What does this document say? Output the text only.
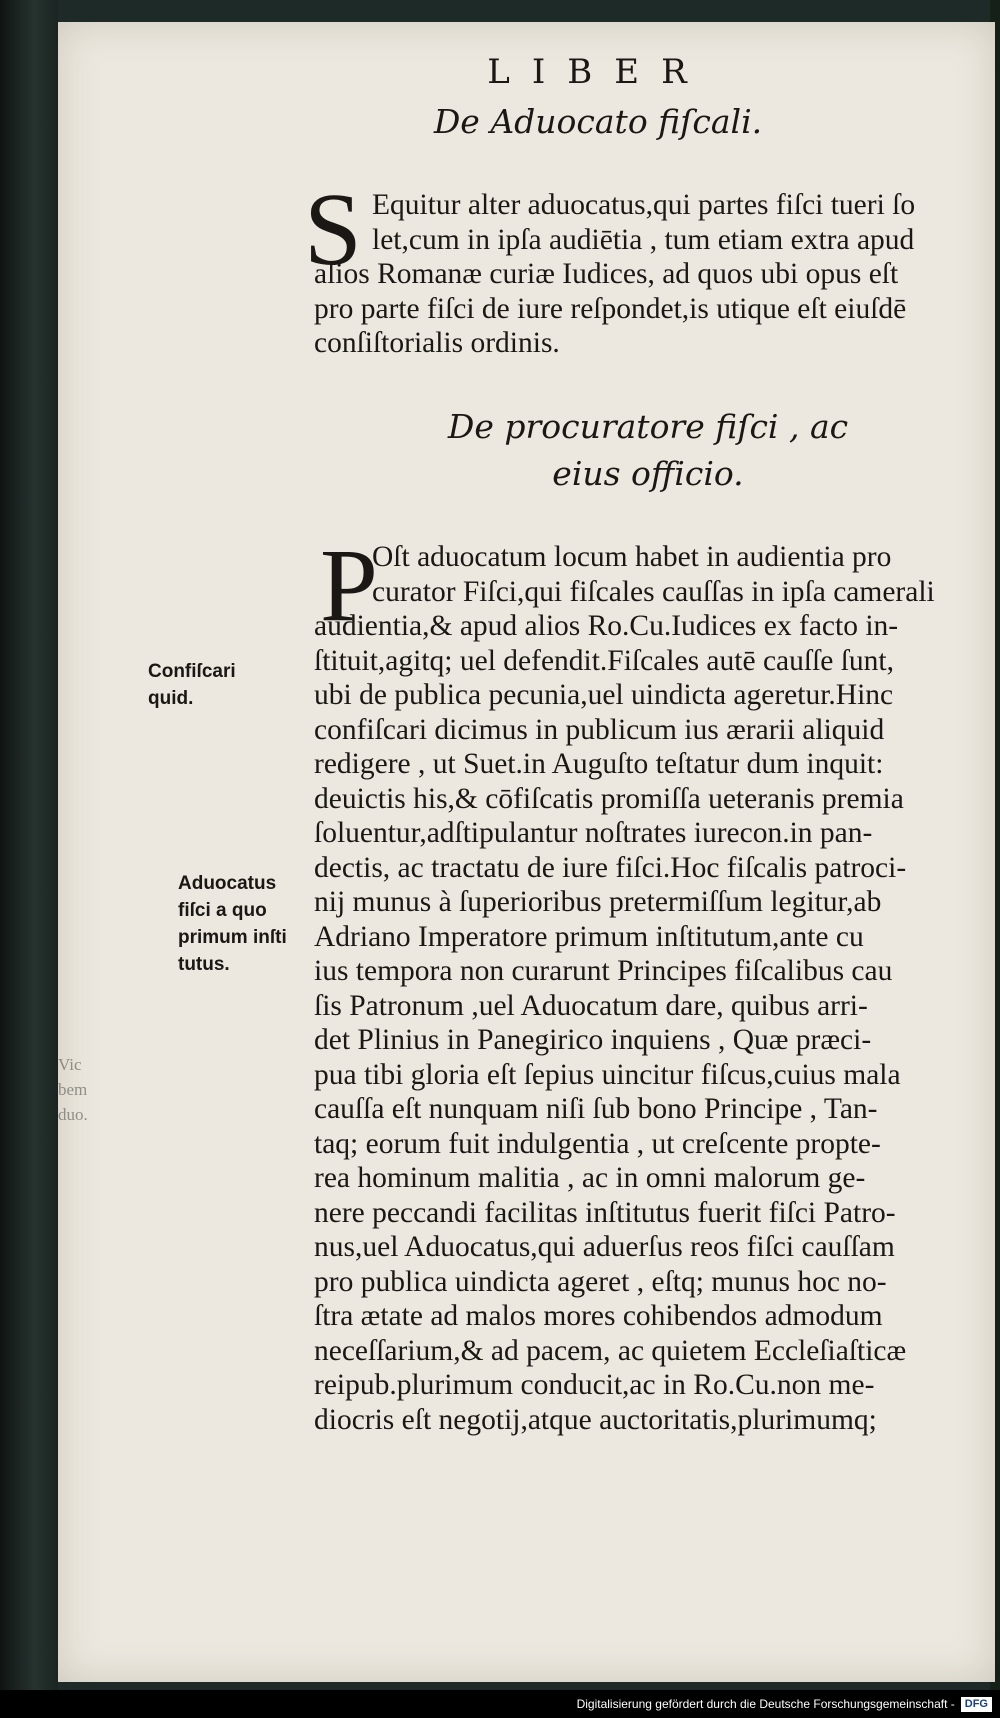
Vic
bem
duo.
LIBER
De Aduocato fiſcali.
S Equitur alter aduocatus,qui partes fiſci tueri ſo
let,cum in ipſa audiētia , tum etiam extra apud
alios Romanæ curiæ Iudices, ad quos ubi opus eſt
pro parte fiſci de iure reſpondet,is utique eſt eiuſdē
conſiſtorialis ordinis.
De procuratore fiſci , ac
eius officio.
P
Oſt aduocatum locum habet in audientia pro
curator Fiſci,qui fiſcales cauſſas in ipſa camerali
audientia,& apud alios Ro.Cu.Iudices ex facto in-
ſtituit,agitq; uel defendit.Fiſcales autē cauſſe ſunt,
ubi de publica pecunia,uel uindicta ageretur.Hinc
confiſcari dicimus in publicum ius ærarii aliquid
redigere , ut Suet.in Auguſto teſtatur dum inquit:
deuictis his,& cōfiſcatis promiſſa ueteranis premia
ſoluentur,adſtipulantur noſtrates iurecon.in pan-
dectis, ac tractatu de iure fiſci.Hoc fiſcalis patroci-
nij munus à ſuperioribus pretermiſſum legitur,ab
Adriano Imperatore primum inſtitutum,ante cu
ius tempora non curarunt Principes fiſcalibus cau
ſis Patronum ,uel Aduocatum dare, quibus arri-
det Plinius in Panegirico inquiens , Quæ præci-
pua tibi gloria eſt ſepius uincitur fiſcus,cuius mala
cauſſa eſt nunquam niſi ſub bono Principe , Tan-
taq; eorum fuit indulgentia , ut creſcente propte-
rea hominum malitia , ac in omni malorum ge-
nere peccandi facilitas inſtitutus fuerit fiſci Patro-
nus,uel Aduocatus,qui aduerſus reos fiſci cauſſam
pro publica uindicta ageret , eſtq; munus hoc no-
ſtra ætate ad malos mores cohibendos admodum
neceſſarium,& ad pacem, ac quietem Eccleſiaſticæ
reipub.plurimum conducit,ac in Ro.Cu.non me-
diocris eſt negotij,atque auctoritatis,plurimumq;
Confiſcari
quid.
Aduocatus
fiſci a quo
primum inſti
tutus.
Digitalisierung gefördert durch die Deutsche Forschungsgemeinschaft - DFG
